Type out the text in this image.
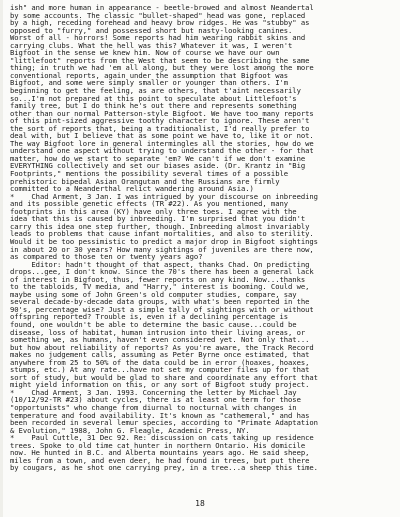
ish" and more human in appearance - beetle-browed and almost Neandertal
by some accounts. The classic "bullet-shaped" head was gone, replaced
by a high, receding forehead and heavy brow ridges. He was "stubby" as
opposed to "furry," and possessed short but nasty-looking canines.
Worst of all - horrors! Some reports had him wearing rabbit skins and
carrying clubs. What the hell was this? Whatever it was, I weren't
Bigfoot in the sense we knew him. Now of course we have our own
"littlefoot" reports from the West that seem to be describing the same
thing; in truth we had 'em all along, but they were lost among the more
conventional reports, again under the assumption that Bigfoot was
Bigfoot, and some were simply smaller or younger than others. I'm
beginning to get the feeling, as are others, that t'aint necessarily
so...I'm not prepared at this point to speculate about Littlefoot's
family tree, but I do think he's out there and represents something
other than our normal Patterson-style Bigfoot. We have too many reports
of this pint-sized aggressive toothy character to ignore. These aren't
the sort of reports that, being a traditionalist, I'd really prefer to
deal with, but I believe that as some point we have to, like it or not.
The way Bigfoot lore in general intermingles all the stories, how do we
understand one aspect without trying to understand the other - for that
matter, how do we start to separate 'em? We can't if we don't examine
EVERYTHING collectively and set our biases aside. (Dr. Krantz in "Big
Footprints," mentions the possibility several times of a possible
prehistoric bipedal Asian Orangutan and the Russians are firmly
committed to a Neanderthal relict wandering around Asia.)
*    Chad Arment, 3 Jan. I was intrigued by your discourse on inbreeding
and its possible genetic effects (TR #22). As you mentioned, many
footprints in this area (KY) have only three toes. I agree with the
idea that this is caused by inbreeding. I'm surprised that you didn't
carry this idea one step further, though. Inbreeding almost invariably
leads to problems that cause infant mortalities, and also to sterility.
Would it be too pessimistic to predict a major drop in Bigfoot sightings
in about 20 or 30 years? How many sightings of juveniles are there now,
as compared to those ten or twenty years ago?
Editor: hadn't thought of that aspect, thanks Chad. On predicting
drops...gee, I don't know. Since the 70's there has been a general lack
of interest in Bigfoot, thus, fewer reports on any kind. Now...thanks
to the tabloids, TV media, and "Harry," interest is booming. Could we,
maybe using some of John Green's old computer studies, compare, say
several decade-by-decade data groups, with what's been reported in the
90's, percentage wise? Just a simple tally of sightings with or without
offspring reported? Trouble is, even if a declining percentage is
found, one wouldn't be able to determine the basic cause...could be
disease, loss of habitat, human intrusion into their living areas, or
something we, as humans, haven't even considered yet. Not only that...
but how about reliability of reports? As you're aware, the Track Record
makes no judgement calls, assuming as Peter Byrne once estimated, that
anywhere from 25 to 50% of the data could be in error (hoaxes, hoaxes,
stumps, etc.) At any rate...have not set my computer files up for that
sort of study, but would be glad to share and coordinate any effort that
might yield information on this, or any sort of Bigfoot study project.
*    Chad Arment, 3 Jan. 1993. Concerning the letter by Michael Jay
(10/12/92-TR #23) about cycles, there is at least one term for those
"opportunists" who change from diurnal to nocturnal with changes in
temperature and food availability. It's known as "cathemeral," and has
been recorded in several lemur species, according to "Primate Adaptation
& Evolution," 1988, John G. Fleagle, Academic Press, NY.
*    Paul Cuttle, 31 Dec 92. Re: discussion on cats taking up residence
trees. Spoke to old time cat hunter in northern Ontario. His domicile
now. He hunted in B.C. and Alberta mountains years ago. He said sheep,
miles from a town, and even deer, he had found in trees, but put there
by cougars, as he shot one carrying prey, in a tree...a sheep this time.
18
